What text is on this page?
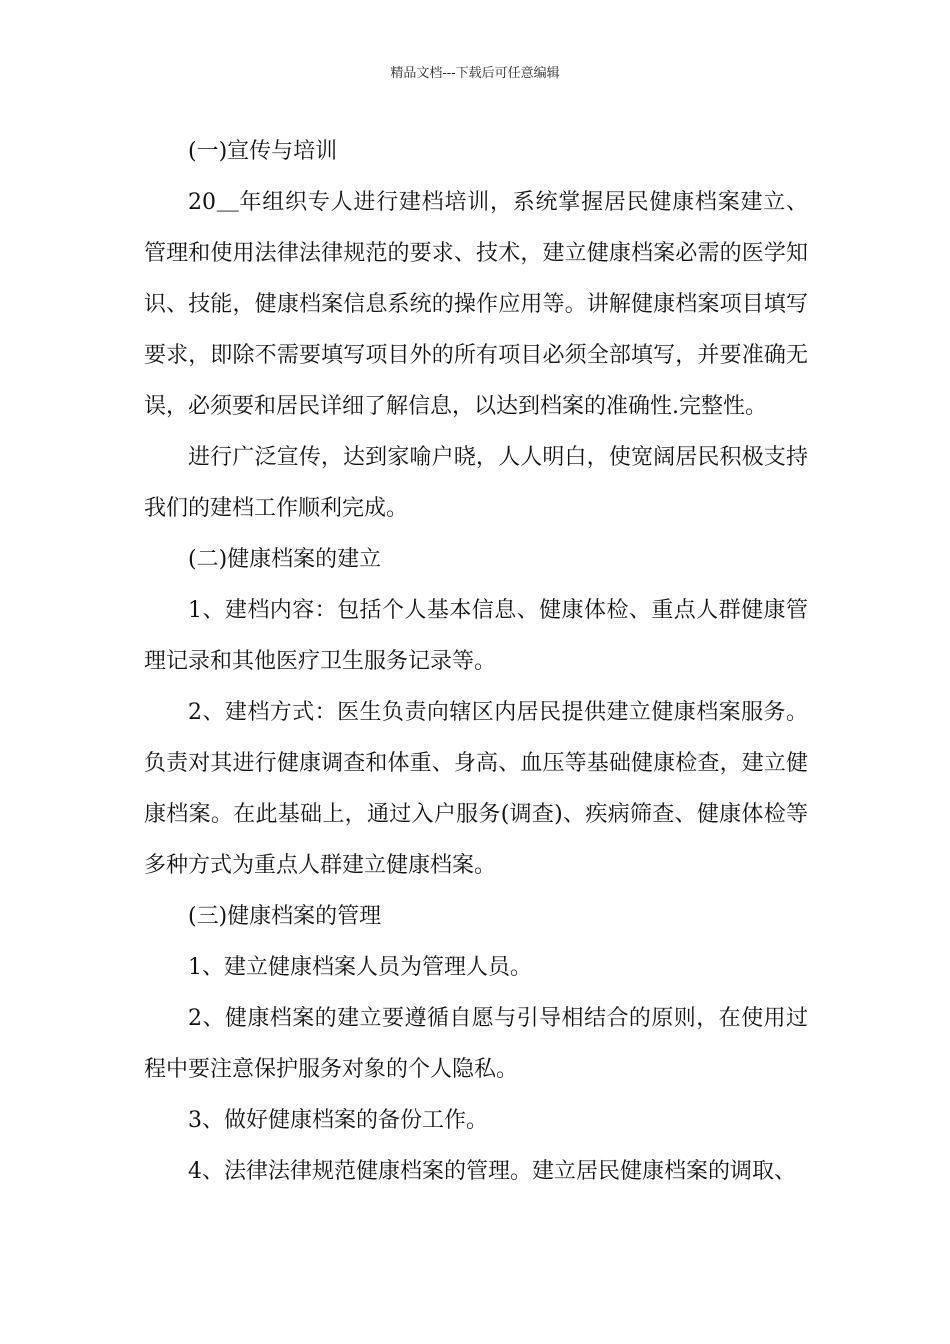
精品文档---下载后可任意编辑

(一)宣传与培训

20＿年组织专人进行建档培训，系统掌握居民健康档案建立、管理和使用法律法律规范的要求、技术，建立健康档案必需的医学知识、技能，健康档案信息系统的操作应用等。讲解健康档案项目填写要求，即除不需要填写项目外的所有项目必须全部填写，并要准确无误，必须要和居民详细了解信息，以达到档案的准确性.完整性。

进行广泛宣传，达到家喻户晓，人人明白，使宽阔居民积极支持我们的建档工作顺利完成。

(二)健康档案的建立

1、建档内容：包括个人基本信息、健康体检、重点人群健康管理记录和其他医疗卫生服务记录等。

2、建档方式：医生负责向辖区内居民提供建立健康档案服务。负责对其进行健康调查和体重、身高、血压等基础健康检查，建立健康档案。在此基础上，通过入户服务(调查)、疾病筛查、健康体检等多种方式为重点人群建立健康档案。

(三)健康档案的管理

1、建立健康档案人员为管理人员。

2、健康档案的建立要遵循自愿与引导相结合的原则，在使用过程中要注意保护服务对象的个人隐私。

3、做好健康档案的备份工作。

4、法律法律规范健康档案的管理。建立居民健康档案的调取、
